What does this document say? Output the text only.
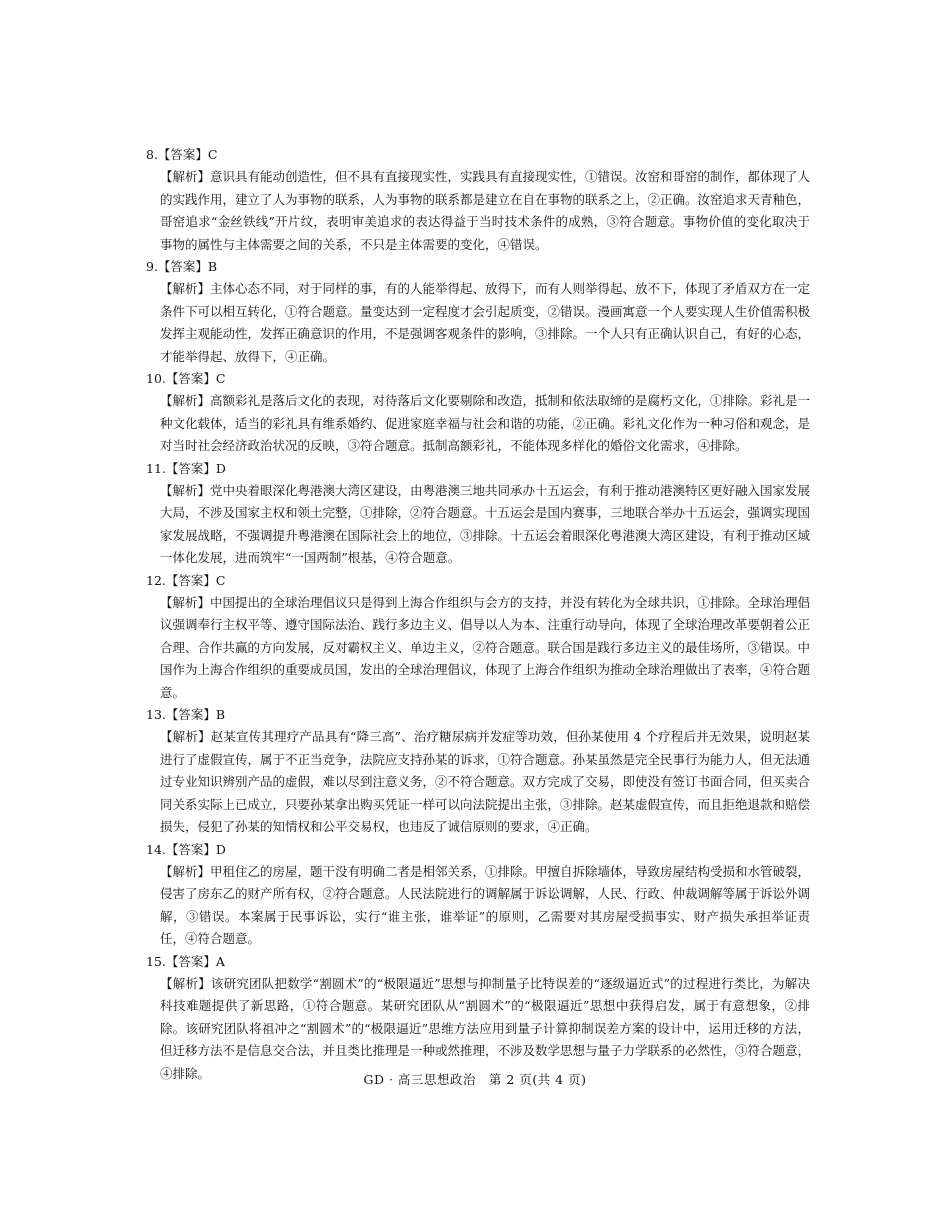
8.【答案】C
【解析】意识具有能动创造性，但不具有直接现实性，实践具有直接现实性，①错误。汝窑和哥窑的制作，都体现了人的实践作用，建立了人为事物的联系，人为事物的联系都是建立在自在事物的联系之上，②正确。汝窑追求天青釉色，哥窑追求“金丝铁线”开片纹，表明审美追求的表达得益于当时技术条件的成熟，③符合题意。事物价值的变化取决于事物的属性与主体需要之间的关系，不只是主体需要的变化，④错误。
9.【答案】B
【解析】主体心态不同，对于同样的事，有的人能举得起、放得下，而有人则举得起、放不下，体现了矛盾双方在一定条件下可以相互转化，①符合题意。量变达到一定程度才会引起质变，②错误。漫画寓意一个人要实现人生价值需积极发挥主观能动性，发挥正确意识的作用，不是强调客观条件的影响，③排除。一个人只有正确认识自己，有好的心态，才能举得起、放得下，④正确。
10.【答案】C
【解析】高额彩礼是落后文化的表现，对待落后文化要剔除和改造，抵制和依法取缔的是腐朽文化，①排除。彩礼是一种文化载体，适当的彩礼具有维系婚约、促进家庭幸福与社会和谐的功能，②正确。彩礼文化作为一种习俗和观念，是对当时社会经济政治状况的反映，③符合题意。抵制高额彩礼，不能体现多样化的婚俗文化需求，④排除。
11.【答案】D
【解析】党中央着眼深化粤港澳大湾区建设，由粤港澳三地共同承办十五运会，有利于推动港澳特区更好融入国家发展大局，不涉及国家主权和领土完整，①排除，②符合题意。十五运会是国内赛事，三地联合举办十五运会，强调实现国家发展战略，不强调提升粤港澳在国际社会上的地位，③排除。十五运会着眼深化粤港澳大湾区建设，有利于推动区域一体化发展，进而筑牢“一国两制”根基，④符合题意。
12.【答案】C
【解析】中国提出的全球治理倡议只是得到上海合作组织与会方的支持，并没有转化为全球共识，①排除。全球治理倡议强调奉行主权平等、遵守国际法治、践行多边主义、倡导以人为本、注重行动导向，体现了全球治理改革要朝着公正合理、合作共赢的方向发展，反对霸权主义、单边主义，②符合题意。联合国是践行多边主义的最佳场所，③错误。中国作为上海合作组织的重要成员国，发出的全球治理倡议，体现了上海合作组织为推动全球治理做出了表率，④符合题意。
13.【答案】B
【解析】赵某宣传其理疗产品具有“降三高”、治疗糖尿病并发症等功效，但孙某使用 4 个疗程后并无效果，说明赵某进行了虚假宣传，属于不正当竞争，法院应支持孙某的诉求，①符合题意。孙某虽然是完全民事行为能力人，但无法通过专业知识辨别产品的虚假，难以尽到注意义务，②不符合题意。双方完成了交易，即使没有签订书面合同，但买卖合同关系实际上已成立，只要孙某拿出购买凭证一样可以向法院提出主张，③排除。赵某虚假宣传，而且拒绝退款和赔偿损失，侵犯了孙某的知情权和公平交易权，也违反了诚信原则的要求，④正确。
14.【答案】D
【解析】甲租住乙的房屋，题干没有明确二者是相邻关系，①排除。甲擅自拆除墙体，导致房屋结构受损和水管破裂，侵害了房东乙的财产所有权，②符合题意。人民法院进行的调解属于诉讼调解，人民、行政、仲裁调解等属于诉讼外调解，③错误。本案属于民事诉讼，实行“谁主张，谁举证”的原则，乙需要对其房屋受损事实、财产损失承担举证责任，④符合题意。
15.【答案】A
【解析】该研究团队把数学“割圆术”的“极限逼近”思想与抑制量子比特误差的“逐级逼近式”的过程进行类比，为解决科技难题提供了新思路，①符合题意。某研究团队从“割圆术”的“极限逼近”思想中获得启发，属于有意想象，②排除。该研究团队将祖冲之“割圆术”的“极限逼近”思维方法应用到量子计算抑制误差方案的设计中，运用迁移的方法，但迁移方法不是信息交合法，并且类比推理是一种或然推理，不涉及数学思想与量子力学联系的必然性，③符合题意，④排除。	GD · 高三思想政治　第 2 页(共 4 页)
